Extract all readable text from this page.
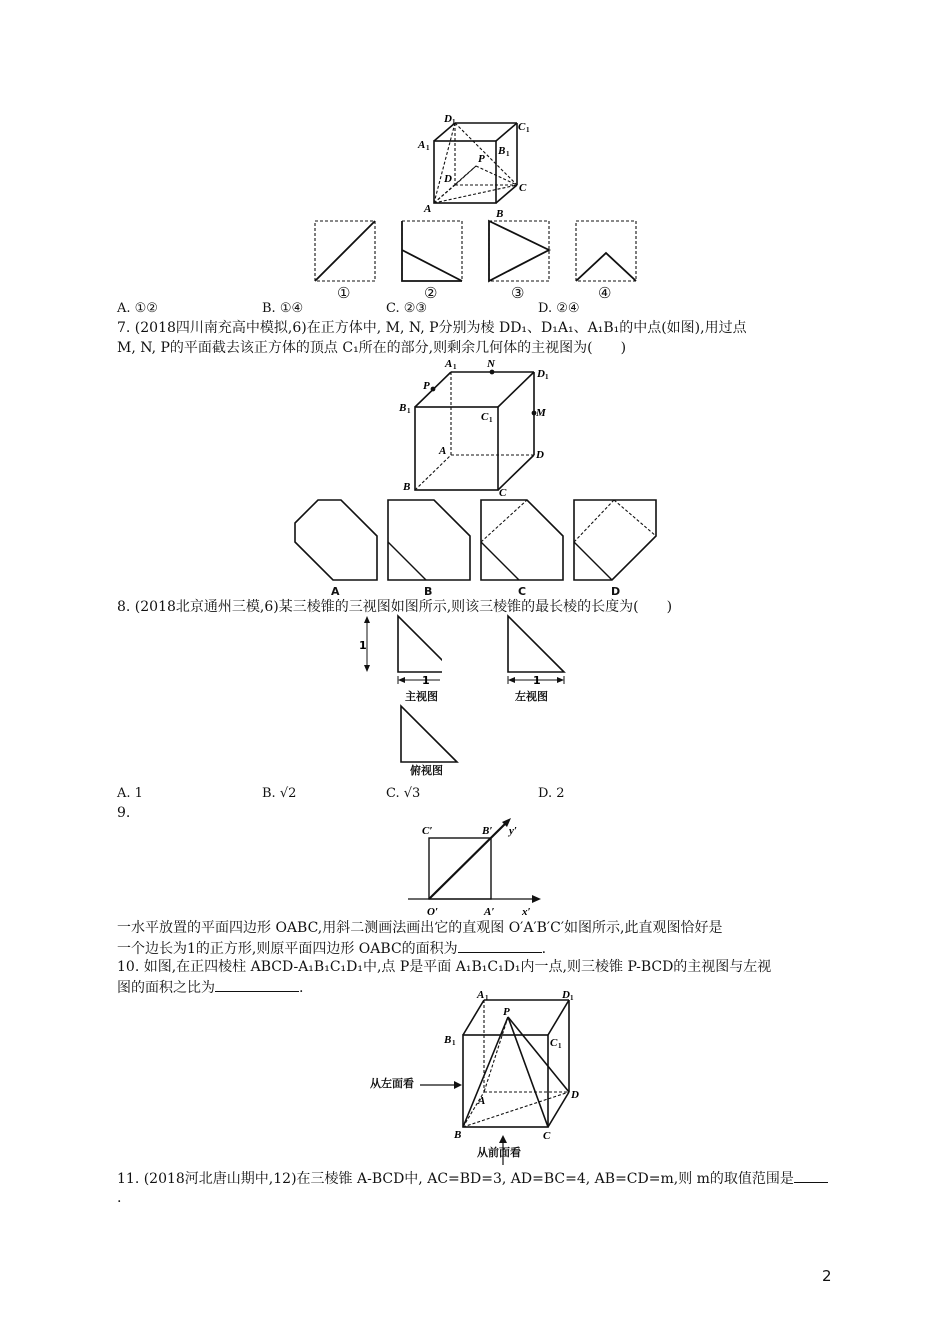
D 1	C 1
A 1	B 1
P
D
C
A	B
①	②	③	④
A. ①②	B. ①④	C. ②③	D. ②④
7. (2018四川南充高中模拟,6)在正方体中, M, N, P分别为棱 DD₁、D₁A₁、A₁B₁的中点(如图),用过点
M, N, P的平面截去该正方体的顶点 C₁所在的部分,则剩余几何体的主视图为(　　)
A 1	N
D 1
P
B 1	C 1
M
A	D
B	C
A	B	C	D
8. (2018北京通州三模,6)某三棱锥的三视图如图所示,则该三棱锥的最长棱的长度为(　　)
1
1
主视图
1
左视图
俯视图
A. 1	B. √2	C. √3	D. 2
9.
C′	B′ y′
O′	A′	x′
一水平放置的平面四边形 OABC,用斜二测画法画出它的直观图 O′A′B′C′如图所示,此直观图恰好是
一个边长为1的正方形,则原平面四边形 OABC的面积为	.
10. 如图,在正四棱柱 ABCD-A₁B₁C₁D₁中,点 P是平面 A₁B₁C₁D₁内一点,则三棱锥 P-BCD的主视图与左视
图的面积之比为	.	A 1	D 1
P
B 1	C 1
A	D
B	C
从左面看
从前面看
11. (2018河北唐山期中,12)在三棱锥 A-BCD中, AC=BD=3, AD=BC=4, AB=CD=m,则 m的取值范围是
.
2
